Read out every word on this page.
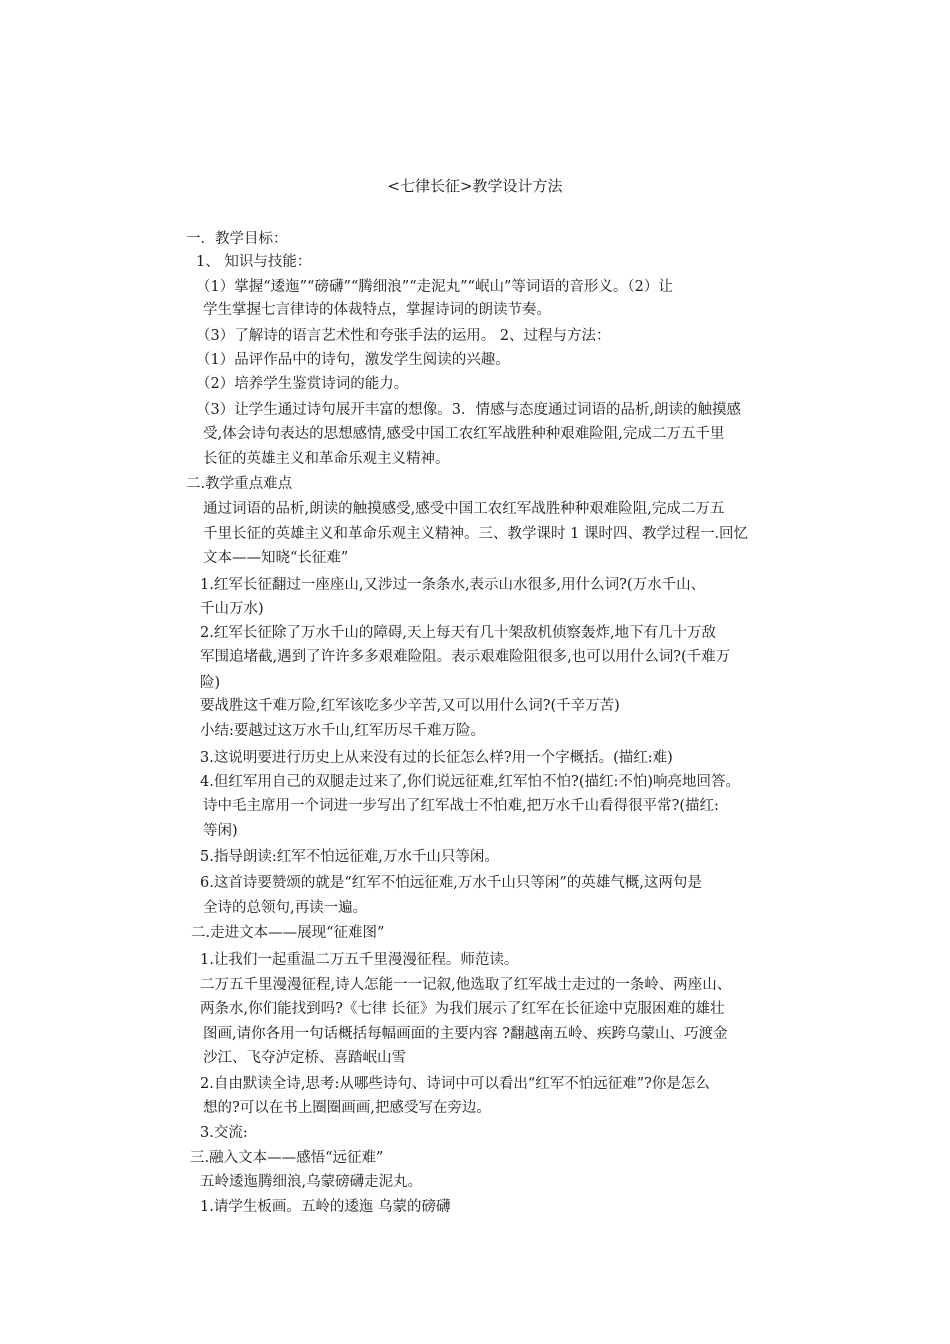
<七律长征>教学设计方法
一．教学目标：
1、 知识与技能：
（1）掌握“逶迤”“磅礴”“腾细浪”“走泥丸”“岷山”等词语的音形义。（2）让
学生掌握七言律诗的体裁特点，掌握诗词的朗读节奏。
（3）了解诗的语言艺术性和夸张手法的运用。 2、过程与方法：
（1）品评作品中的诗句，激发学生阅读的兴趣。
（2）培养学生鉴赏诗词的能力。
（3）让学生通过诗句展开丰富的想像。3．情感与态度通过词语的品析,朗读的触摸感
受,体会诗句表达的思想感情,感受中国工农红军战胜种种艰难险阻,完成二万五千里
长征的英雄主义和革命乐观主义精神。
二.教学重点难点
通过词语的品析,朗读的触摸感受,感受中国工农红军战胜种种艰难险阻,完成二万五
千里长征的英雄主义和革命乐观主义精神。三、教学课时 1 课时四、教学过程一.回忆
文本——知晓“长征难”
1.红军长征翻过一座座山,又涉过一条条水,表示山水很多,用什么词?(万水千山、
千山万水)
2.红军长征除了万水千山的障碍,天上每天有几十架敌机侦察轰炸,地下有几十万敌
军围追堵截,遇到了许许多多艰难险阻。表示艰难险阻很多,也可以用什么词?(千难万
险)
要战胜这千难万险,红军该吃多少辛苦,又可以用什么词?(千辛万苦)
小结:要越过这万水千山,红军历尽千难万险。
3.这说明要进行历史上从来没有过的长征怎么样?用一个字概括。(描红:难)
4.但红军用自己的双腿走过来了,你们说远征难,红军怕不怕?(描红:不怕)响亮地回答。
诗中毛主席用一个词进一步写出了红军战士不怕难,把万水千山看得很平常?(描红:
等闲)
5.指导朗读:红军不怕远征难,万水千山只等闲。
6.这首诗要赞颂的就是“红军不怕远征难,万水千山只等闲”的英雄气概,这两句是
全诗的总领句,再读一遍。
二.走进文本——展现“征难图”
1.让我们一起重温二万五千里漫漫征程。师范读。
二万五千里漫漫征程,诗人怎能一一记叙,他选取了红军战士走过的一条岭、两座山、
两条水,你们能找到吗?《七律 长征》为我们展示了红军在长征途中克服困难的雄壮
图画,请你各用一句话概括每幅画面的主要内容 ?翻越南五岭、疾跨乌蒙山、巧渡金
沙江、飞夺泸定桥、喜踏岷山雪
2.自由默读全诗,思考:从哪些诗句、诗词中可以看出“红军不怕远征难”?你是怎么
想的?可以在书上圈圈画画,把感受写在旁边。
3.交流:
三.融入文本——感悟“远征难”
五岭逶迤腾细浪,乌蒙磅礴走泥丸。
1.请学生板画。五岭的逶迤 乌蒙的磅礴
